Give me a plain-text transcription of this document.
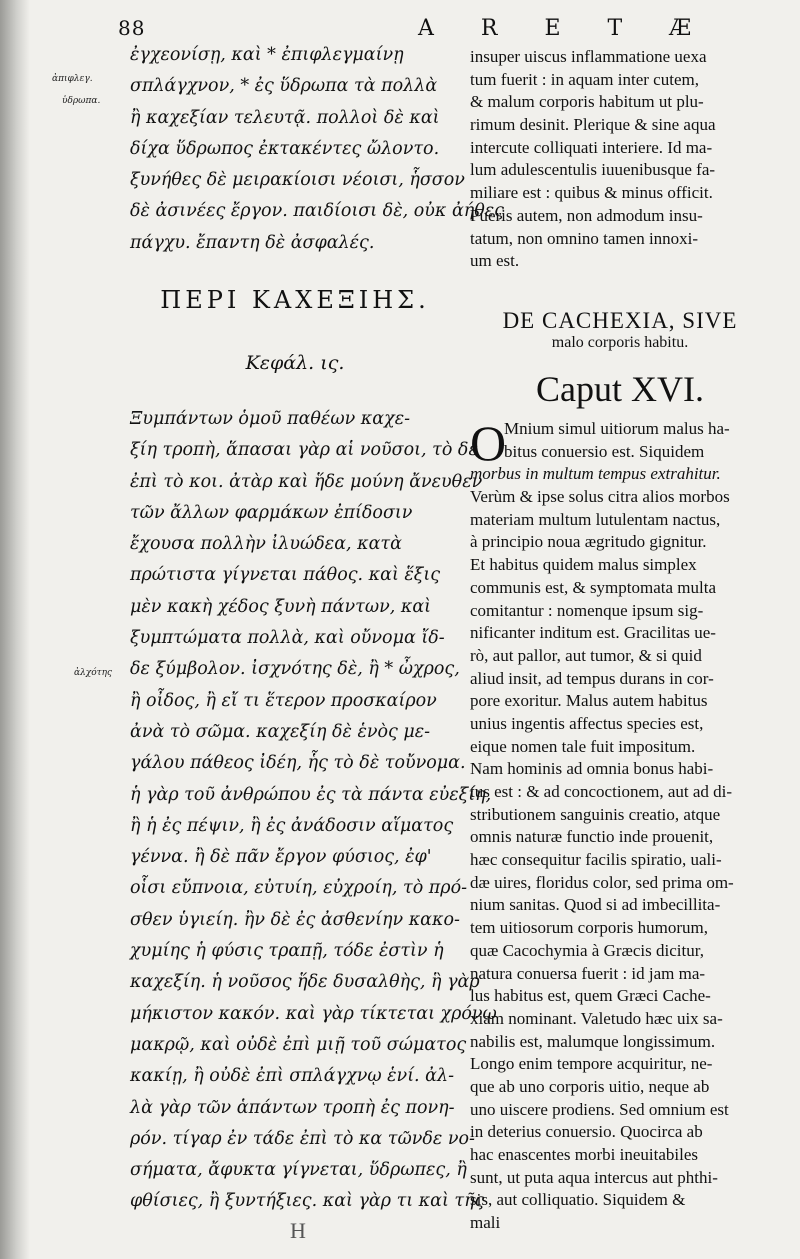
88	A R E T Æ
ἀπιφλεγ.
ὑδρωπα.
ἀλχότης
ἐγχεονίσῃ, καὶ * ἐπιφλεγμαίνῃ
σπλάγχνον, * ἐς ὕδρωπα τὰ πολλὰ
ἢ καχεξίαν τελευτᾷ. πολλοὶ δὲ καὶ
δίχα ὕδρωπος ἐκτακέντες ὤλοντο.
ξυνήθες δὲ μειρακίοισι νέοισι, ἧσσον
δὲ ἀσινέες ἔργον. παιδίοισι δὲ, οὐκ ἀήθες
πάγχυ. ἔπαντη δὲ ἀσφαλές.
ΠΕΡΙ ΚΑΧΕΞΙΗΣ.
Κεφάλ. ις.
Ξυμπάντων ὁμοῦ παθέων καχε-
ξίη τροπὴ, ἅπασαι γὰρ αἱ νοῦσοι, τὸ δὲ
ἐπὶ τὸ κοι. ἀτὰρ καὶ ἥδε μούνη ἄνευθεν
τῶν ἄλλων φαρμάκων ἐπίδοσιν
ἔχουσα πολλὴν ἰλυώδεα, κατὰ
πρώτιστα γίγνεται πάθος. καὶ ἕξις
μὲν κακὴ χέδος ξυνὴ πάντων, καὶ
ξυμπτώματα πολλὰ, καὶ οὔνομα ἴδ-
δε ξύμβολον. ἰσχνότης δὲ, ἢ * ὦχρος,
ἢ οἶδος, ἢ εἴ τι ἕτερον προσκαίρον
ἀνὰ τὸ σῶμα. καχεξίη δὲ ἑνὸς με-
γάλου πάθεος ἰδέη, ἧς τὸ δὲ τοὔνομα.
ἡ γὰρ τοῦ ἀνθρώπου ἐς τὰ πάντα εὐεξίη,
ἢ ἡ ἐς πέψιν, ἢ ἐς ἀνάδοσιν αἵματος
γέννα. ἢ δὲ πᾶν ἔργον φύσιος, ἐφ'
οἷσι εὔπνοια, εὐτυίη, εὐχροίη, τὸ πρό-
σθεν ὑγιείη. ἢν δὲ ἐς ἀσθενίην κακο-
χυμίης ἡ φύσις τραπῇ, τόδε ἐστὶν ἡ
καχεξίη. ἡ νοῦσος ἥδε δυσαλθὴς, ἣ γὰρ
μήκιστον κακόν. καὶ γὰρ τίκτεται χρόνῳ
μακρῷ, καὶ οὐδὲ ἐπὶ μιῇ τοῦ σώματος
κακίῃ, ἢ οὐδὲ ἐπὶ σπλάγχνῳ ἑνί. ἀλ-
λὰ γὰρ τῶν ἁπάντων τροπὴ ἐς πονη-
ρόν. τίγαρ ἐν τάδε ἐπὶ τὸ κα τῶνδε νο-
σήματα, ἄφυκτα γίγνεται, ὕδρωπες, ἢ
φθίσιες, ἢ ξυντήξιες. καὶ γὰρ τι καὶ τῆς
insuper uiscus inflammatione uexa
tum fuerit : in aquam inter cutem,
& malum corporis habitum ut plu-
rimum desinit. Plerique & sine aqua
intercute colliquati interiere. Id ma-
lum adulescentulis iuuenibusque fa-
miliare est : quibus & minus officit.
Pueris autem, non admodum insu-
tatum, non omnino tamen innoxi-
um est.
DE CACHEXIA, SIVE
malo corporis habitu.
Caput XVI.
O
Mnium simul uitiorum malus ha-
bitus conuersio est. Siquidem
morbus in multum tempus extrahitur.
Verùm & ipse solus citra alios morbos
materiam multum lutulentam nactus,
à principio noua ægritudo gignitur.
Et habitus quidem malus simplex
communis est, & symptomata multa
comitantur : nomenque ipsum sig-
nificanter inditum est. Gracilitas ue-
rò, aut pallor, aut tumor, & si quid
aliud insit, ad tempus durans in cor-
pore exoritur. Malus autem habitus
unius ingentis affectus species est,
eique nomen tale fuit impositum.
Nam hominis ad omnia bonus habi-
tus est : & ad concoctionem, aut ad di-
stributionem sanguinis creatio, atque
omnis naturæ functio inde prouenit,
hæc consequitur facilis spiratio, uali-
dæ uires, floridus color, sed prima om-
nium sanitas. Quod si ad imbecillita-
tem uitiosorum corporis humorum,
quæ Cacochymia à Græcis dicitur,
natura conuersa fuerit : id jam ma-
lus habitus est, quem Græci Cache-
xiam nominant. Valetudo hæc uix sa-
nabilis est, malumque longissimum.
Longo enim tempore acquiritur, ne-
que ab uno corporis uitio, neque ab
uno uiscere prodiens. Sed omnium est
in deterius conuersio. Quocirca ab
hac enascentes morbi ineuitabiles
sunt, ut puta aqua intercus aut phthi-
sis, aut colliquatio. Siquidem &
mali
H
